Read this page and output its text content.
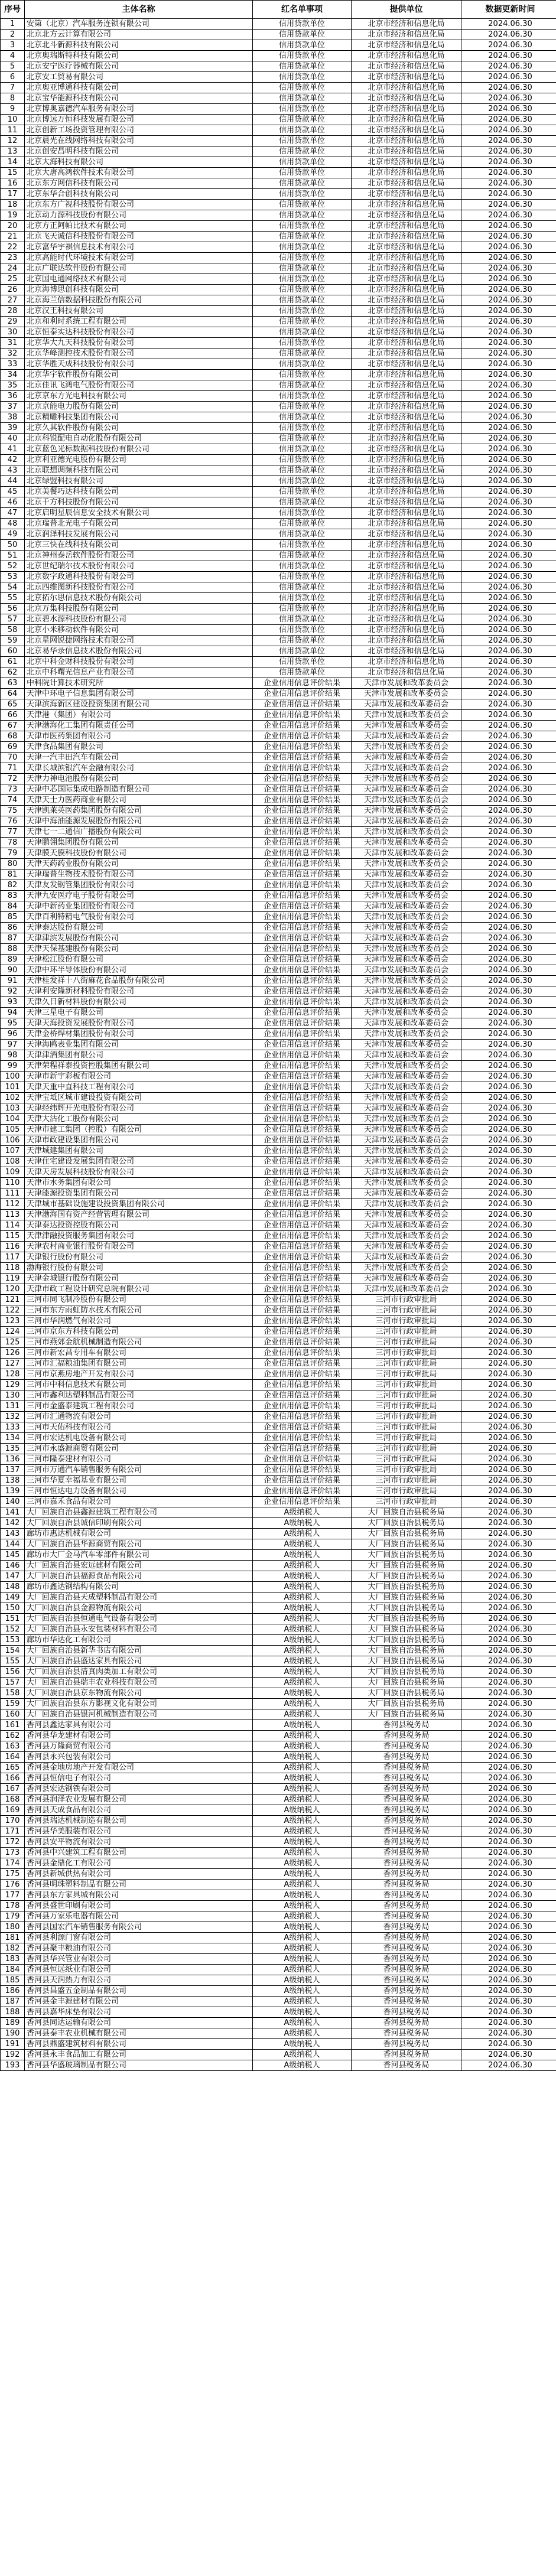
序号	主体名称	红名单事项	提供单位	数据更新时间
1	安第（北京）汽车服务连锁有限公司	信用贷款单位	北京市经济和信息化局	2024.06.30
2	北京北方云计算有限公司	信用贷款单位	北京市经济和信息化局	2024.06.30
3	北京北斗新源科技有限公司	信用贷款单位	北京市经济和信息化局	2024.06.30
4	北京奥瑞斯特科技有限公司	信用贷款单位	北京市经济和信息化局	2024.06.30
5	北京安宁医疗器械有限公司	信用贷款单位	北京市经济和信息化局	2024.06.30
6	北京安工贸易有限公司	信用贷款单位	北京市经济和信息化局	2024.06.30
7	北京奥亚博通科技有限公司	信用贷款单位	北京市经济和信息化局	2024.06.30
8	北京宝华能源科技有限公司	信用贷款单位	北京市经济和信息化局	2024.06.30
9	北京博奥嘉德汽车服务有限公司	信用贷款单位	北京市经济和信息化局	2024.06.30
10	北京博远万恒科技发展有限公司	信用贷款单位	北京市经济和信息化局	2024.06.30
11	北京创新工场投资管理有限公司	信用贷款单位	北京市经济和信息化局	2024.06.30
12	北京晨光在线网络科技有限公司	信用贷款单位	北京市经济和信息化局	2024.06.30
13	北京创安昌明科技有限公司	信用贷款单位	北京市经济和信息化局	2024.06.30
14	北京大海科技有限公司	信用贷款单位	北京市经济和信息化局	2024.06.30
15	北京大唐高鸿软件技术有限公司	信用贷款单位	北京市经济和信息化局	2024.06.30
16	北京东方网信科技有限公司	信用贷款单位	北京市经济和信息化局	2024.06.30
17	北京东华合创科技有限公司	信用贷款单位	北京市经济和信息化局	2024.06.30
18	北京东方广视科技股份有限公司	信用贷款单位	北京市经济和信息化局	2024.06.30
19	北京动力源科技股份有限公司	信用贷款单位	北京市经济和信息化局	2024.06.30
20	北京方正阿帕比技术有限公司	信用贷款单位	北京市经济和信息化局	2024.06.30
21	北京飞天诚信科技股份有限公司	信用贷款单位	北京市经济和信息化局	2024.06.30
22	北京富华宇祺信息技术有限公司	信用贷款单位	北京市经济和信息化局	2024.06.30
23	北京高能时代环境技术有限公司	信用贷款单位	北京市经济和信息化局	2024.06.30
24	北京广联达软件股份有限公司	信用贷款单位	北京市经济和信息化局	2024.06.30
25	北京国电通网络技术有限公司	信用贷款单位	北京市经济和信息化局	2024.06.30
26	北京海博思创科技有限公司	信用贷款单位	北京市经济和信息化局	2024.06.30
27	北京海兰信数据科技股份有限公司	信用贷款单位	北京市经济和信息化局	2024.06.30
28	北京汉王科技有限公司	信用贷款单位	北京市经济和信息化局	2024.06.30
29	北京和利时系统工程有限公司	信用贷款单位	北京市经济和信息化局	2024.06.30
30	北京恒泰实达科技股份有限公司	信用贷款单位	北京市经济和信息化局	2024.06.30
31	北京华大九天科技股份有限公司	信用贷款单位	北京市经济和信息化局	2024.06.30
32	北京华峰测控技术股份有限公司	信用贷款单位	北京市经济和信息化局	2024.06.30
33	北京华胜天成科技股份有限公司	信用贷款单位	北京市经济和信息化局	2024.06.30
34	北京华宇软件股份有限公司	信用贷款单位	北京市经济和信息化局	2024.06.30
35	北京佳讯飞鸿电气股份有限公司	信用贷款单位	北京市经济和信息化局	2024.06.30
36	北京京东方光电科技有限公司	信用贷款单位	北京市经济和信息化局	2024.06.30
37	北京京能电力股份有限公司	信用贷款单位	北京市经济和信息化局	2024.06.30
38	北京精雕科技集团有限公司	信用贷款单位	北京市经济和信息化局	2024.06.30
39	北京久其软件股份有限公司	信用贷款单位	北京市经济和信息化局	2024.06.30
40	北京科锐配电自动化股份有限公司	信用贷款单位	北京市经济和信息化局	2024.06.30
41	北京蓝色光标数据科技股份有限公司	信用贷款单位	北京市经济和信息化局	2024.06.30
42	北京利亚德光电股份有限公司	信用贷款单位	北京市经济和信息化局	2024.06.30
43	北京联想调频科技有限公司	信用贷款单位	北京市经济和信息化局	2024.06.30
44	北京绿盟科技有限公司	信用贷款单位	北京市经济和信息化局	2024.06.30
45	北京美餐巧达科技有限公司	信用贷款单位	北京市经济和信息化局	2024.06.30
46	北京千方科技股份有限公司	信用贷款单位	北京市经济和信息化局	2024.06.30
47	北京启明星辰信息安全技术有限公司	信用贷款单位	北京市经济和信息化局	2024.06.30
48	北京瑞普北光电子有限公司	信用贷款单位	北京市经济和信息化局	2024.06.30
49	北京润泽科技发展有限公司	信用贷款单位	北京市经济和信息化局	2024.06.30
50	北京三快在线科技有限公司	信用贷款单位	北京市经济和信息化局	2024.06.30
51	北京神州泰岳软件股份有限公司	信用贷款单位	北京市经济和信息化局	2024.06.30
52	北京世纪瑞尔技术股份有限公司	信用贷款单位	北京市经济和信息化局	2024.06.30
53	北京数字政通科技股份有限公司	信用贷款单位	北京市经济和信息化局	2024.06.30
54	北京四维图新科技股份有限公司	信用贷款单位	北京市经济和信息化局	2024.06.30
55	北京拓尔思信息技术股份有限公司	信用贷款单位	北京市经济和信息化局	2024.06.30
56	北京万集科技股份有限公司	信用贷款单位	北京市经济和信息化局	2024.06.30
57	北京碧水源科技股份有限公司	信用贷款单位	北京市经济和信息化局	2024.06.30
58	北京小米移动软件有限公司	信用贷款单位	北京市经济和信息化局	2024.06.30
59	北京星网锐捷网络技术有限公司	信用贷款单位	北京市经济和信息化局	2024.06.30
60	北京易华录信息技术股份有限公司	信用贷款单位	北京市经济和信息化局	2024.06.30
61	北京中科金财科技股份有限公司	信用贷款单位	北京市经济和信息化局	2024.06.30
62	北京中科曙光信息产业有限公司	信用贷款单位	北京市经济和信息化局	2024.06.30
63	中科院计算技术研究所	企业信用信息评价结果	天津市发展和改革委员会	2024.06.30
64	天津中环电子信息集团有限公司	企业信用信息评价结果	天津市发展和改革委员会	2024.06.30
65	天津滨海新区建设投资集团有限公司	企业信用信息评价结果	天津市发展和改革委员会	2024.06.30
66	天津港（集团）有限公司	企业信用信息评价结果	天津市发展和改革委员会	2024.06.30
67	天津渤海化工集团有限责任公司	企业信用信息评价结果	天津市发展和改革委员会	2024.06.30
68	天津市医药集团有限公司	企业信用信息评价结果	天津市发展和改革委员会	2024.06.30
69	天津食品集团有限公司	企业信用信息评价结果	天津市发展和改革委员会	2024.06.30
70	天津一汽丰田汽车有限公司	企业信用信息评价结果	天津市发展和改革委员会	2024.06.30
71	天津长城滨银汽车金融有限公司	企业信用信息评价结果	天津市发展和改革委员会	2024.06.30
72	天津力神电池股份有限公司	企业信用信息评价结果	天津市发展和改革委员会	2024.06.30
73	天津中芯国际集成电路制造有限公司	企业信用信息评价结果	天津市发展和改革委员会	2024.06.30
74	天津天士力医药商业有限公司	企业信用信息评价结果	天津市发展和改革委员会	2024.06.30
75	天津凯莱英医药集团股份有限公司	企业信用信息评价结果	天津市发展和改革委员会	2024.06.30
76	天津中海油能源发展股份有限公司	企业信用信息评价结果	天津市发展和改革委员会	2024.06.30
77	天津七一二通信广播股份有限公司	企业信用信息评价结果	天津市发展和改革委员会	2024.06.30
78	天津鹏翎集团股份有限公司	企业信用信息评价结果	天津市发展和改革委员会	2024.06.30
79	天津膜天膜科技股份有限公司	企业信用信息评价结果	天津市发展和改革委员会	2024.06.30
80	天津天药药业股份有限公司	企业信用信息评价结果	天津市发展和改革委员会	2024.06.30
81	天津瑞普生物技术股份有限公司	企业信用信息评价结果	天津市发展和改革委员会	2024.06.30
82	天津友发钢管集团股份有限公司	企业信用信息评价结果	天津市发展和改革委员会	2024.06.30
83	天津九安医疗电子股份有限公司	企业信用信息评价结果	天津市发展和改革委员会	2024.06.30
84	天津中新药业集团股份有限公司	企业信用信息评价结果	天津市发展和改革委员会	2024.06.30
85	天津百利特精电气股份有限公司	企业信用信息评价结果	天津市发展和改革委员会	2024.06.30
86	天津泰达股份有限公司	企业信用信息评价结果	天津市发展和改革委员会	2024.06.30
87	天津津滨发展股份有限公司	企业信用信息评价结果	天津市发展和改革委员会	2024.06.30
88	天津天保基建股份有限公司	企业信用信息评价结果	天津市发展和改革委员会	2024.06.30
89	天津松江股份有限公司	企业信用信息评价结果	天津市发展和改革委员会	2024.06.30
90	天津中环半导体股份有限公司	企业信用信息评价结果	天津市发展和改革委员会	2024.06.30
91	天津桂发祥十八街麻花食品股份有限公司	企业信用信息评价结果	天津市发展和改革委员会	2024.06.30
92	天津利安隆新材料股份有限公司	企业信用信息评价结果	天津市发展和改革委员会	2024.06.30
93	天津久日新材料股份有限公司	企业信用信息评价结果	天津市发展和改革委员会	2024.06.30
94	天津三星电子有限公司	企业信用信息评价结果	天津市发展和改革委员会	2024.06.30
95	天津天海投资发展股份有限公司	企业信用信息评价结果	天津市发展和改革委员会	2024.06.30
96	天津金桥焊材集团股份有限公司	企业信用信息评价结果	天津市发展和改革委员会	2024.06.30
97	天津海鸥表业集团有限公司	企业信用信息评价结果	天津市发展和改革委员会	2024.06.30
98	天津津酒集团有限公司	企业信用信息评价结果	天津市发展和改革委员会	2024.06.30
99	天津荣程祥泰投资控股集团有限公司	企业信用信息评价结果	天津市发展和改革委员会	2024.06.30
100	天津市新宇彩板有限公司	企业信用信息评价结果	天津市发展和改革委员会	2024.06.30
101	天津天重中直科技工程有限公司	企业信用信息评价结果	天津市发展和改革委员会	2024.06.30
102	天津宝坻区城市建设投资有限公司	企业信用信息评价结果	天津市发展和改革委员会	2024.06.30
103	天津经纬辉开光电股份有限公司	企业信用信息评价结果	天津市发展和改革委员会	2024.06.30
104	天津大沽化工股份有限公司	企业信用信息评价结果	天津市发展和改革委员会	2024.06.30
105	天津市建工集团（控股）有限公司	企业信用信息评价结果	天津市发展和改革委员会	2024.06.30
106	天津市政建设集团有限公司	企业信用信息评价结果	天津市发展和改革委员会	2024.06.30
107	天津城建集团有限公司	企业信用信息评价结果	天津市发展和改革委员会	2024.06.30
108	天津住宅建设发展集团有限公司	企业信用信息评价结果	天津市发展和改革委员会	2024.06.30
109	天津天房发展科技股份有限公司	企业信用信息评价结果	天津市发展和改革委员会	2024.06.30
110	天津市水务集团有限公司	企业信用信息评价结果	天津市发展和改革委员会	2024.06.30
111	天津能源投资集团有限公司	企业信用信息评价结果	天津市发展和改革委员会	2024.06.30
112	天津城市基础设施建设投资集团有限公司	企业信用信息评价结果	天津市发展和改革委员会	2024.06.30
113	天津渤海国有资产经营管理有限公司	企业信用信息评价结果	天津市发展和改革委员会	2024.06.30
114	天津泰达投资控股有限公司	企业信用信息评价结果	天津市发展和改革委员会	2024.06.30
115	天津津融投资服务集团有限公司	企业信用信息评价结果	天津市发展和改革委员会	2024.06.30
116	天津农村商业银行股份有限公司	企业信用信息评价结果	天津市发展和改革委员会	2024.06.30
117	天津银行股份有限公司	企业信用信息评价结果	天津市发展和改革委员会	2024.06.30
118	渤海银行股份有限公司	企业信用信息评价结果	天津市发展和改革委员会	2024.06.30
119	天津金城银行股份有限公司	企业信用信息评价结果	天津市发展和改革委员会	2024.06.30
120	天津市政工程设计研究总院有限公司	企业信用信息评价结果	天津市发展和改革委员会	2024.06.30
121	三河市同飞制冷股份有限公司	企业信用信息评价结果	三河市行政审批局	2024.06.30
122	三河市东方雨虹防水技术有限公司	企业信用信息评价结果	三河市行政审批局	2024.06.30
123	三河市华润燃气有限公司	企业信用信息评价结果	三河市行政审批局	2024.06.30
124	三河市京东方科技有限公司	企业信用信息评价结果	三河市行政审批局	2024.06.30
125	三河市燕郊金航机械制造有限公司	企业信用信息评价结果	三河市行政审批局	2024.06.30
126	三河市新宏昌专用车有限公司	企业信用信息评价结果	三河市行政审批局	2024.06.30
127	三河市汇福粮油集团有限公司	企业信用信息评价结果	三河市行政审批局	2024.06.30
128	三河市京燕房地产开发有限公司	企业信用信息评价结果	三河市行政审批局	2024.06.30
129	三河市中科信息技术有限公司	企业信用信息评价结果	三河市行政审批局	2024.06.30
130	三河市鑫利达塑料制品有限公司	企业信用信息评价结果	三河市行政审批局	2024.06.30
131	三河市金盛泰建筑工程有限公司	企业信用信息评价结果	三河市行政审批局	2024.06.30
132	三河市汇通物流有限公司	企业信用信息评价结果	三河市行政审批局	2024.06.30
133	三河市天佑科技有限公司	企业信用信息评价结果	三河市行政审批局	2024.06.30
134	三河市宏达机电设备有限公司	企业信用信息评价结果	三河市行政审批局	2024.06.30
135	三河市永盛源商贸有限公司	企业信用信息评价结果	三河市行政审批局	2024.06.30
136	三河市隆泰建材有限公司	企业信用信息评价结果	三河市行政审批局	2024.06.30
137	三河市万通汽车销售服务有限公司	企业信用信息评价结果	三河市行政审批局	2024.06.30
138	三河市华夏幸福基业有限公司	企业信用信息评价结果	三河市行政审批局	2024.06.30
139	三河市恒达电力设备有限公司	企业信用信息评价结果	三河市行政审批局	2024.06.30
140	三河市嘉禾食品有限公司	企业信用信息评价结果	三河市行政审批局	2024.06.30
141	大厂回族自治县鑫源建筑工程有限公司	A级纳税人	大厂回族自治县税务局	2024.06.30
142	大厂回族自治县诚信印刷有限公司	A级纳税人	大厂回族自治县税务局	2024.06.30
143	廊坊市惠达机械有限公司	A级纳税人	大厂回族自治县税务局	2024.06.30
144	大厂回族自治县华源商贸有限公司	A级纳税人	大厂回族自治县税务局	2024.06.30
145	廊坊市大厂金马汽车零部件有限公司	A级纳税人	大厂回族自治县税务局	2024.06.30
146	大厂回族自治县宏远建材有限公司	A级纳税人	大厂回族自治县税务局	2024.06.30
147	大厂回族自治县福源食品有限公司	A级纳税人	大厂回族自治县税务局	2024.06.30
148	廊坊市鑫达钢结构有限公司	A级纳税人	大厂回族自治县税务局	2024.06.30
149	大厂回族自治县天成塑料制品有限公司	A级纳税人	大厂回族自治县税务局	2024.06.30
150	大厂回族自治县金源物流有限公司	A级纳税人	大厂回族自治县税务局	2024.06.30
151	大厂回族自治县恒通电气设备有限公司	A级纳税人	大厂回族自治县税务局	2024.06.30
152	大厂回族自治县永安包装材料有限公司	A级纳税人	大厂回族自治县税务局	2024.06.30
153	廊坊市华达化工有限公司	A级纳税人	大厂回族自治县税务局	2024.06.30
154	大厂回族自治县新华书店有限公司	A级纳税人	大厂回族自治县税务局	2024.06.30
155	大厂回族自治县盛达家具有限公司	A级纳税人	大厂回族自治县税务局	2024.06.30
156	大厂回族自治县清真肉类加工有限公司	A级纳税人	大厂回族自治县税务局	2024.06.30
157	大厂回族自治县瑞丰农业科技有限公司	A级纳税人	大厂回族自治县税务局	2024.06.30
158	大厂回族自治县京东物流有限公司	A级纳税人	大厂回族自治县税务局	2024.06.30
159	大厂回族自治县东方影视文化有限公司	A级纳税人	大厂回族自治县税务局	2024.06.30
160	大厂回族自治县银河机械制造有限公司	A级纳税人	大厂回族自治县税务局	2024.06.30
161	香河县鑫达家具有限公司	A级纳税人	香河县税务局	2024.06.30
162	香河县华龙建材有限公司	A级纳税人	香河县税务局	2024.06.30
163	香河县万隆商贸有限公司	A级纳税人	香河县税务局	2024.06.30
164	香河县永兴包装有限公司	A级纳税人	香河县税务局	2024.06.30
165	香河县金地房地产开发有限公司	A级纳税人	香河县税务局	2024.06.30
166	香河县恒信电子有限公司	A级纳税人	香河县税务局	2024.06.30
167	香河县宏达钢铁有限公司	A级纳税人	香河县税务局	2024.06.30
168	香河县润泽农业发展有限公司	A级纳税人	香河县税务局	2024.06.30
169	香河县天成食品有限公司	A级纳税人	香河县税务局	2024.06.30
170	香河县瑞达机械制造有限公司	A级纳税人	香河县税务局	2024.06.30
171	香河县华美服装有限公司	A级纳税人	香河县税务局	2024.06.30
172	香河县安平物流有限公司	A级纳税人	香河县税务局	2024.06.30
173	香河县中兴建筑工程有限公司	A级纳税人	香河县税务局	2024.06.30
174	香河县金鼎化工有限公司	A级纳税人	香河县税务局	2024.06.30
175	香河县新城供热有限公司	A级纳税人	香河县税务局	2024.06.30
176	香河县明珠塑料制品有限公司	A级纳税人	香河县税务局	2024.06.30
177	香河县东方家具城有限公司	A级纳税人	香河县税务局	2024.06.30
178	香河县盛世印刷有限公司	A级纳税人	香河县税务局	2024.06.30
179	香河县万家乐电器有限公司	A级纳税人	香河县税务局	2024.06.30
180	香河县国宏汽车销售服务有限公司	A级纳税人	香河县税务局	2024.06.30
181	香河县利源门窗有限公司	A级纳税人	香河县税务局	2024.06.30
182	香河县聚丰粮油有限公司	A级纳税人	香河县税务局	2024.06.30
183	香河县华兴管业有限公司	A级纳税人	香河县税务局	2024.06.30
184	香河县恒远纸业有限公司	A级纳税人	香河县税务局	2024.06.30
185	香河县天润热力有限公司	A级纳税人	香河县税务局	2024.06.30
186	香河县昌盛五金制品有限公司	A级纳税人	香河县税务局	2024.06.30
187	香河县金丰源建材有限公司	A级纳税人	香河县税务局	2024.06.30
188	香河县嘉华床垫有限公司	A级纳税人	香河县税务局	2024.06.30
189	香河县同达运输有限公司	A级纳税人	香河县税务局	2024.06.30
190	香河县泰丰农业机械有限公司	A级纳税人	香河县税务局	2024.06.30
191	香河县鼎盛建筑材料有限公司	A级纳税人	香河县税务局	2024.06.30
192	香河县永丰食品加工有限公司	A级纳税人	香河县税务局	2024.06.30
193	香河县华盛玻璃制品有限公司	A级纳税人	香河县税务局	2024.06.30
